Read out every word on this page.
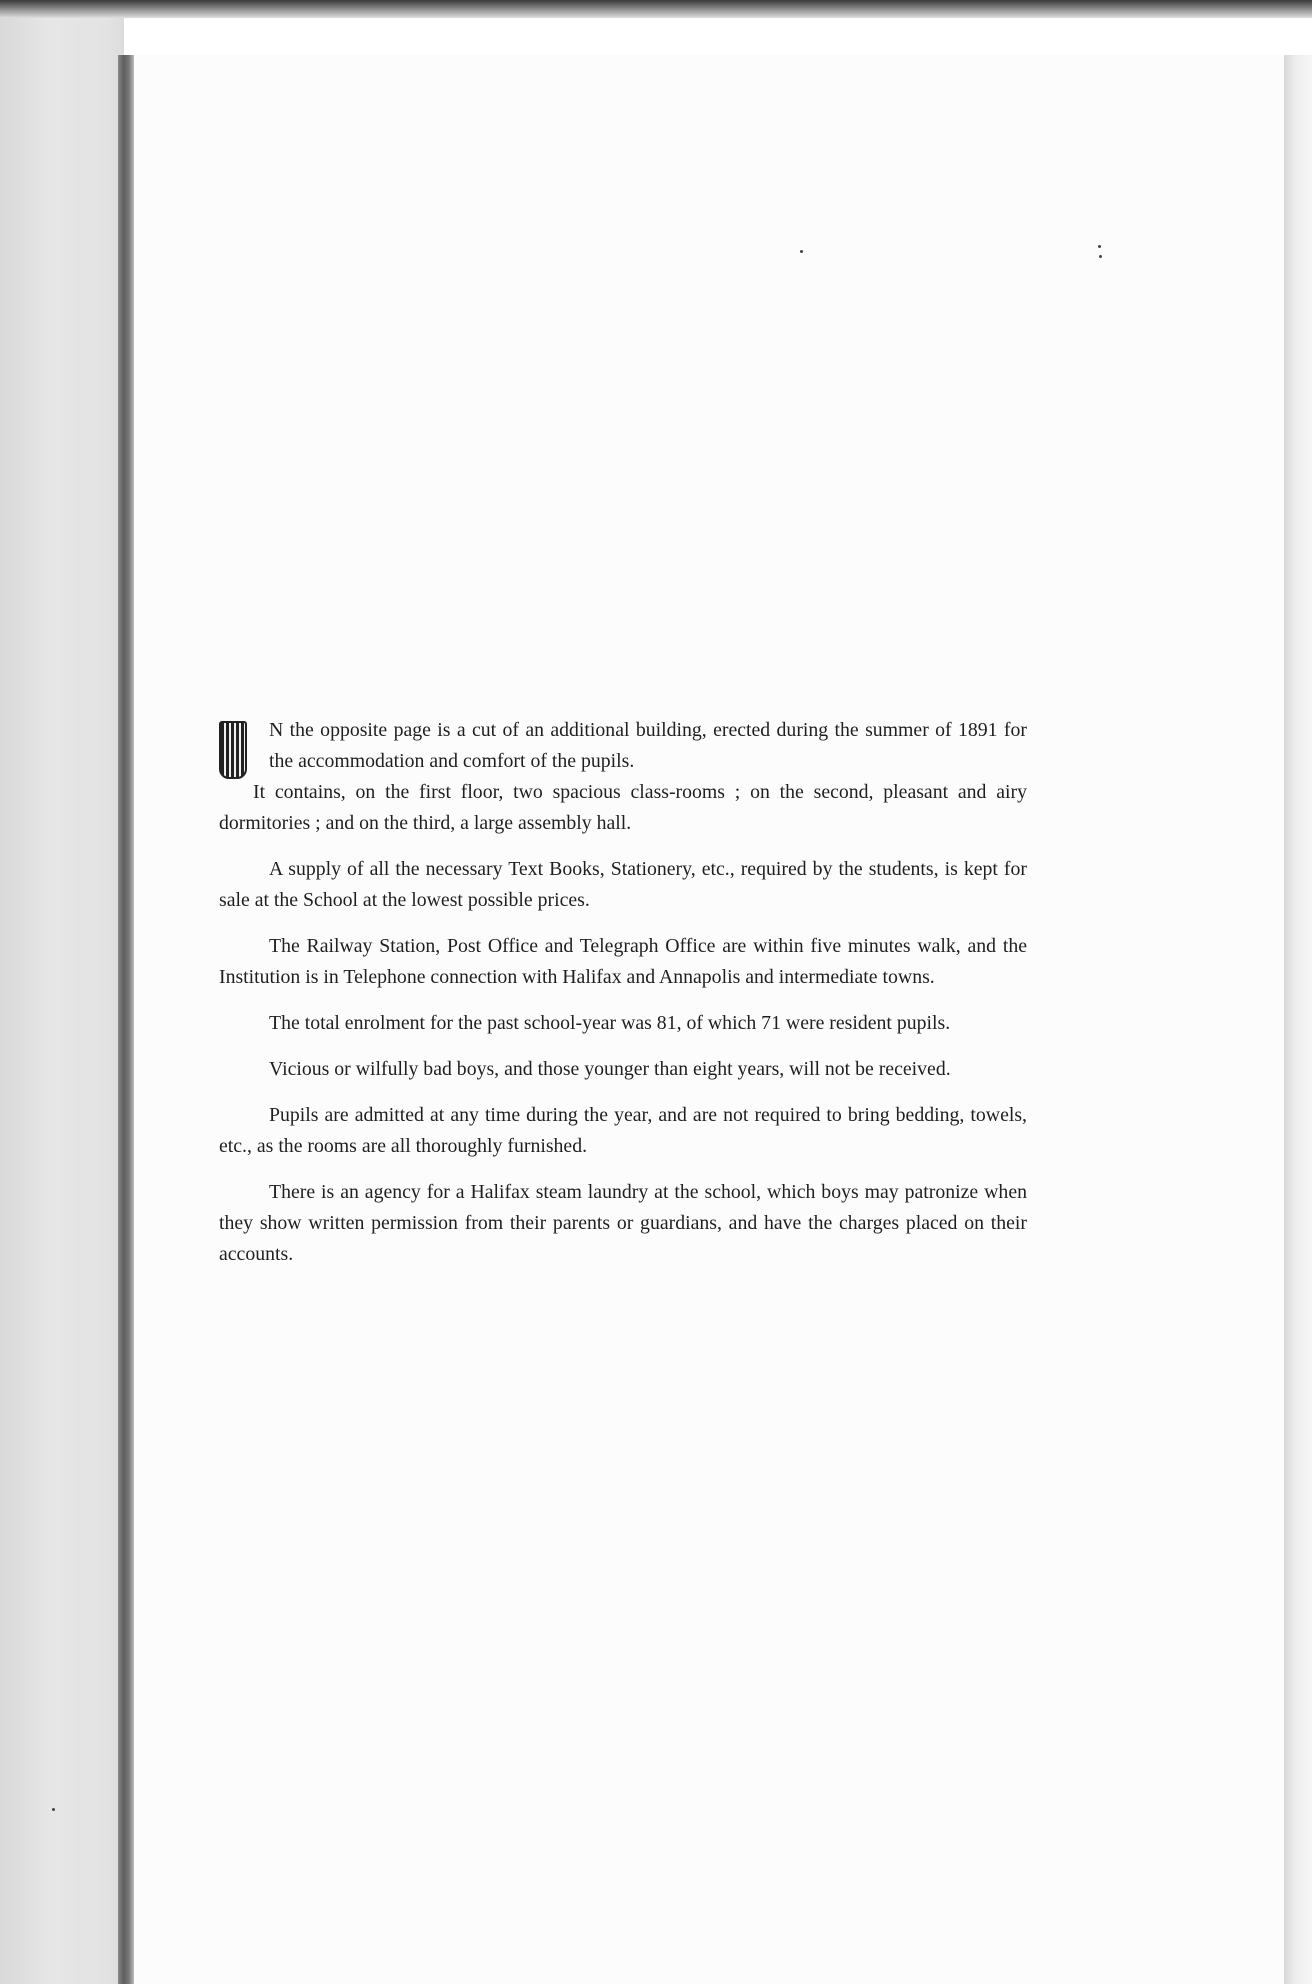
N the opposite page is a cut of an additional building, erected during the summer of 1891 for the accommodation and comfort of the pupils.
It contains, on the first floor, two spacious class-rooms ; on the second, pleasant and airy dormitories ; and on the third, a large assembly hall.

A supply of all the necessary Text Books, Stationery, etc., required by the students, is kept for sale at the School at the lowest possible prices.

The Railway Station, Post Office and Telegraph Office are within five minutes walk, and the Institution is in Telephone connection with Halifax and Annapolis and intermediate towns.

The total enrolment for the past school-year was 81, of which 71 were resident pupils.

Vicious or wilfully bad boys, and those younger than eight years, will not be received.

Pupils are admitted at any time during the year, and are not required to bring bedding, towels, etc., as the rooms are all thoroughly furnished.

There is an agency for a Halifax steam laundry at the school, which boys may patronize when they show written permission from their parents or guardians, and have the charges placed on their accounts.
